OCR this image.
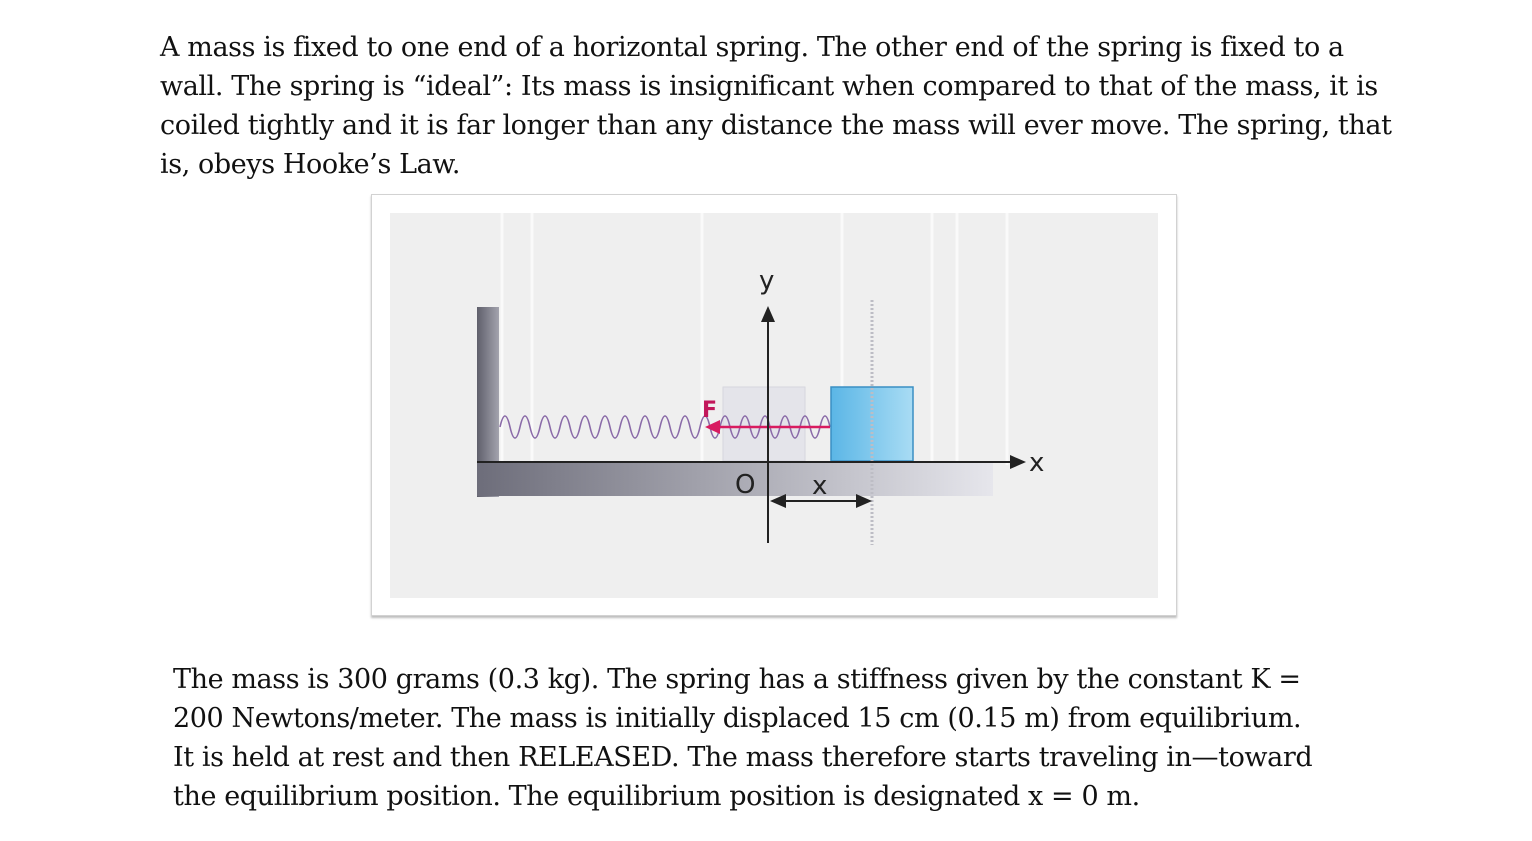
A mass is fixed to one end of a horizontal spring. The other end of the spring is fixed to a wall. The spring is “ideal”: Its mass is insignificant when compared to that of the mass, it is coiled tightly and it is far longer than any distance the mass will ever move. The spring, that is, obeys Hooke’s Law.

F
x
y
O x

The mass is 300 grams (0.3 kg). The spring has a stiffness given by the constant K = 200 Newtons/meter. The mass is initially displaced 15 cm (0.15 m) from equilibrium. It is held at rest and then RELEASED. The mass therefore starts traveling in—toward the equilibrium position. The equilibrium position is designated x = 0 m.
